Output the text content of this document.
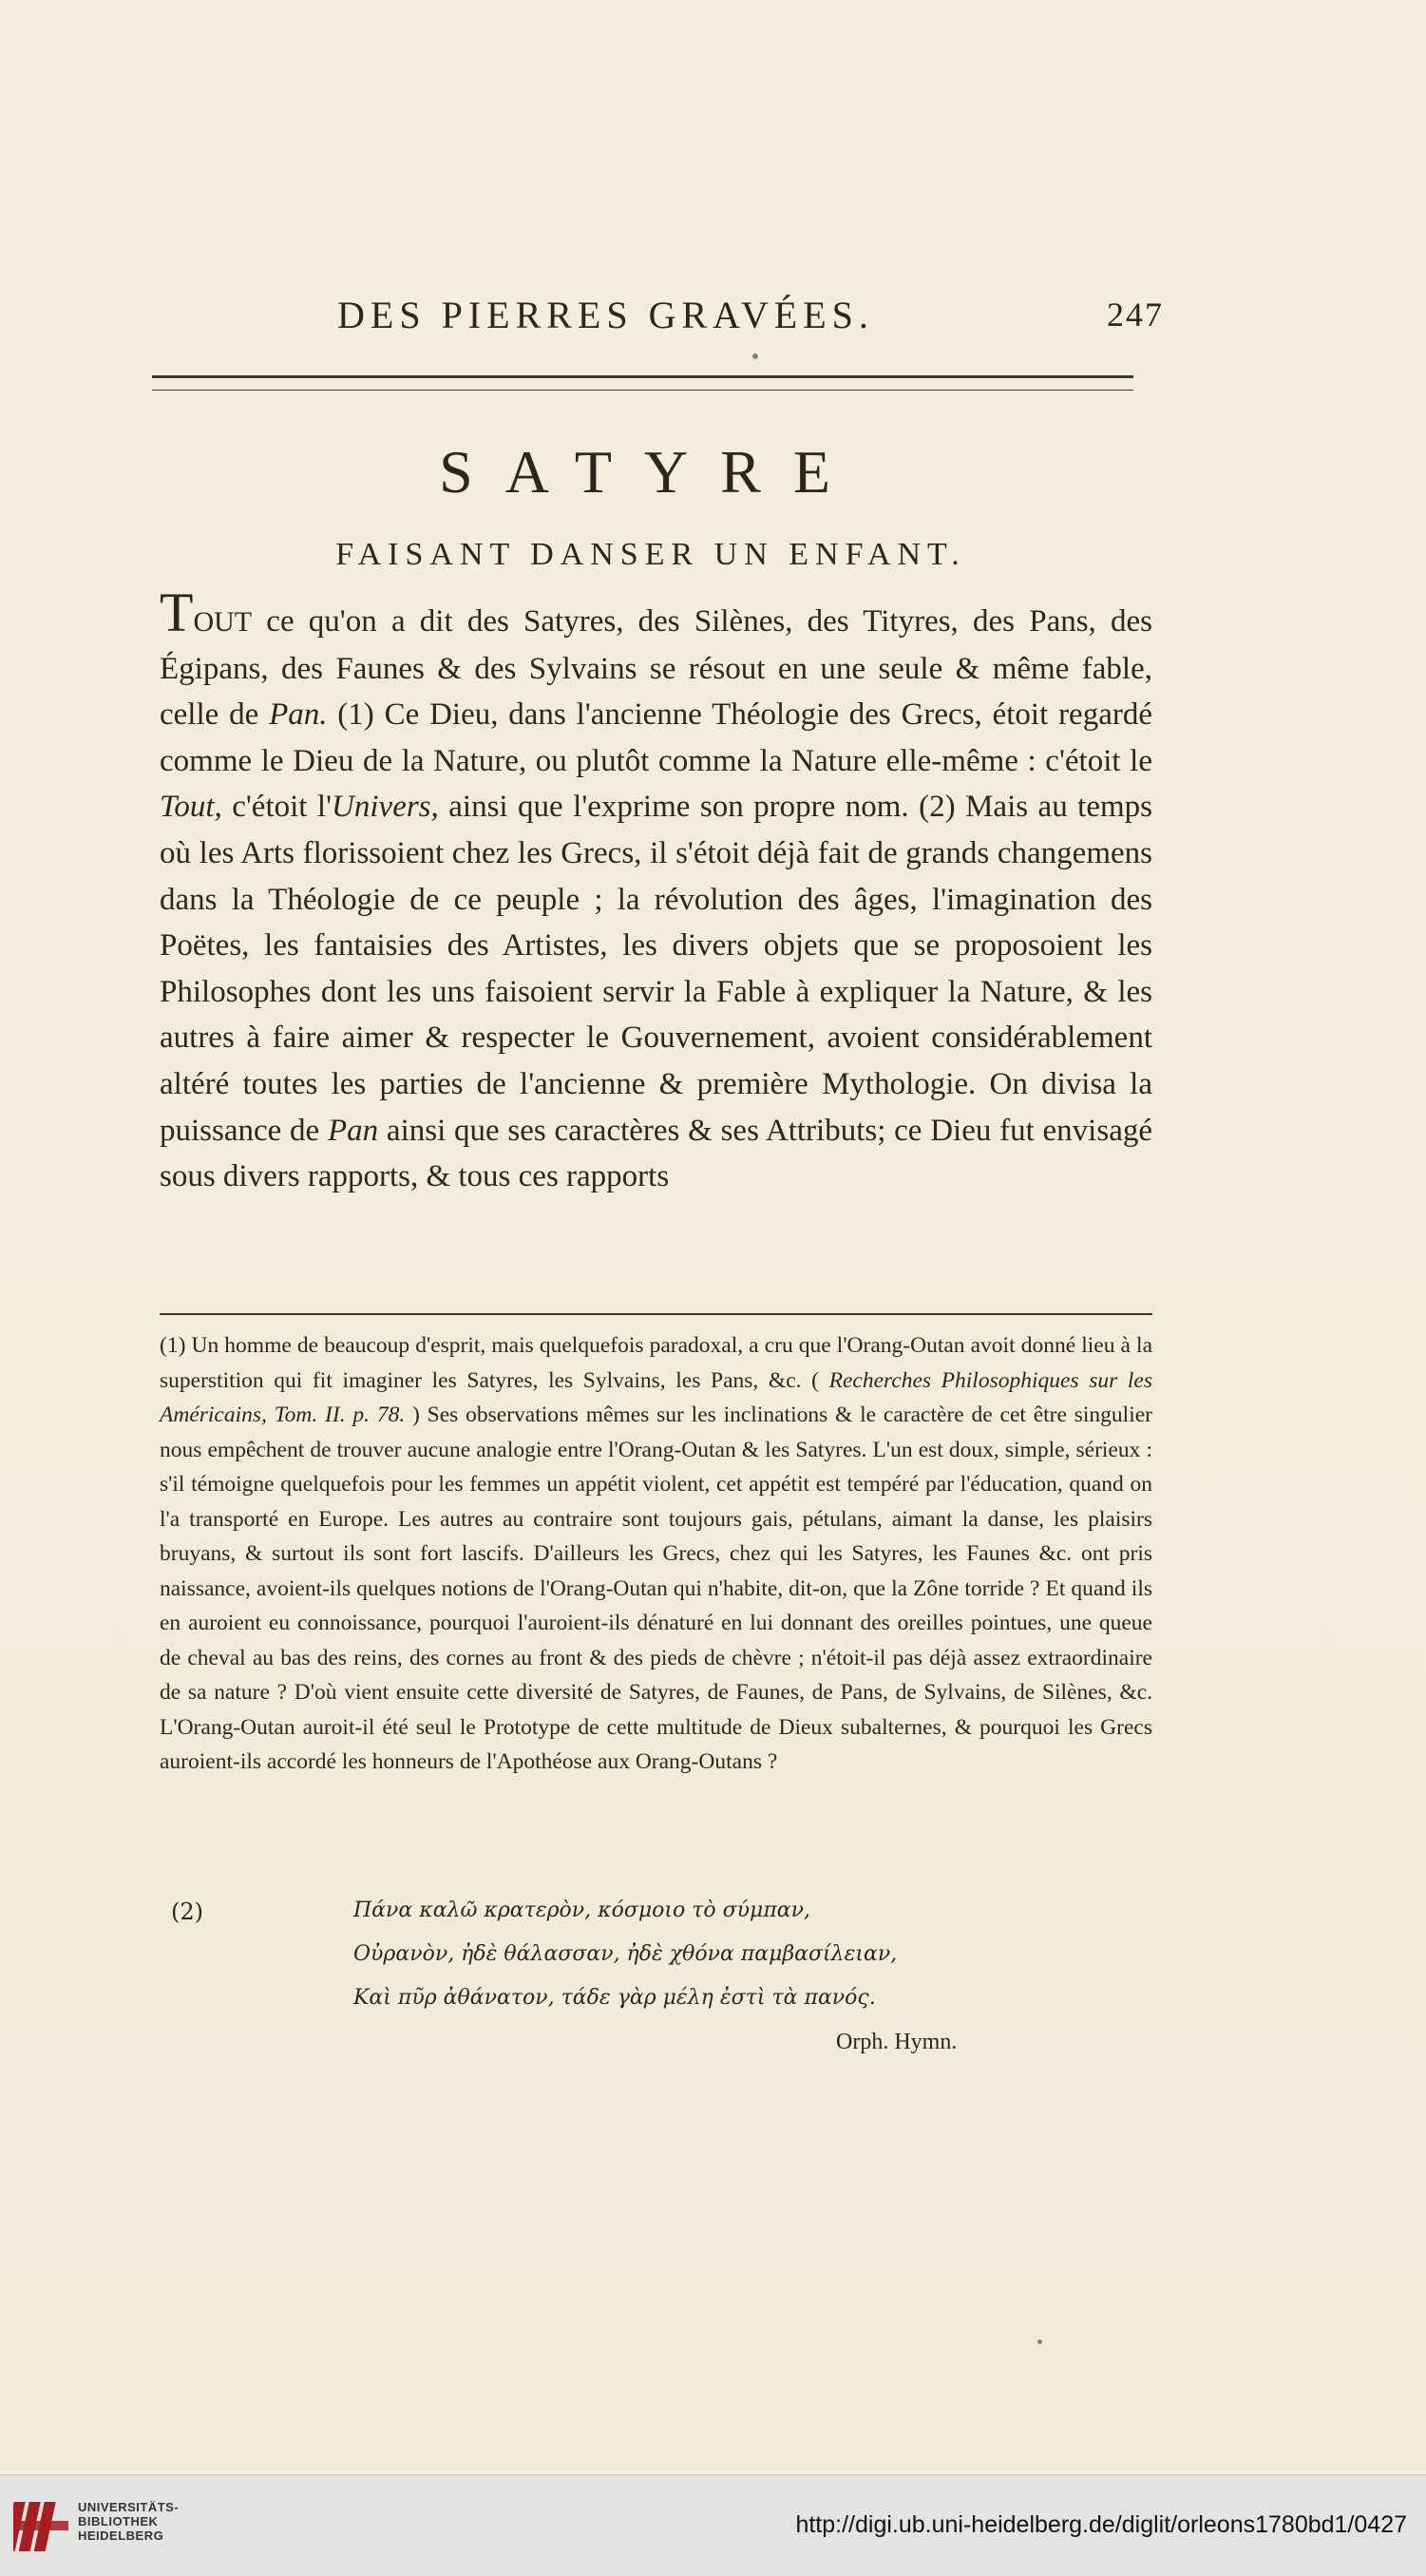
DES PIERRES GRAVÉES.	247
SATYRE
FAISANT DANSER UN ENFANT.

TOUT ce qu'on a dit des Satyres, des Silènes, des Tityres, des Pans, des Égipans, des Faunes & des Sylvains se résout en une seule & même fable, celle de Pan. (1) Ce Dieu, dans l'ancienne Théologie des Grecs, étoit regardé comme le Dieu de la Nature, ou plutôt comme la Nature elle-même : c'étoit le Tout, c'étoit l'Univers, ainsi que l'exprime son propre nom. (2) Mais au temps où les Arts florissoient chez les Grecs, il s'étoit déjà fait de grands changemens dans la Théologie de ce peuple ; la révolution des âges, l'imagination des Poëtes, les fantaisies des Artistes, les divers objets que se proposoient les Philosophes dont les uns faisoient servir la Fable à expliquer la Nature, & les autres à faire aimer & respecter le Gouvernement, avoient considérablement altéré toutes les parties de l'ancienne & première Mythologie. On divisa la puissance de Pan ainsi que ses caractères & ses Attributs; ce Dieu fut envisagé sous divers rapports, & tous ces rapports

(1) Un homme de beaucoup d'esprit, mais quelquefois paradoxal, a cru que l'Orang-Outan avoit donné lieu à la superstition qui fit imaginer les Satyres, les Sylvains, les Pans, &c. ( Recherches Philosophiques sur les Américains, Tom. II. p. 78. ) Ses observations mêmes sur les inclinations & le caractère de cet être singulier nous empêchent de trouver aucune analogie entre l'Orang-Outan & les Satyres. L'un est doux, simple, sérieux : s'il témoigne quelquefois pour les femmes un appétit violent, cet appétit est tempéré par l'éducation, quand on l'a transporté en Europe. Les autres au contraire sont toujours gais, pétulans, aimant la danse, les plaisirs bruyans, & surtout ils sont fort lascifs. D'ailleurs les Grecs, chez qui les Satyres, les Faunes &c. ont pris naissance, avoient-ils quelques notions de l'Orang-Outan qui n'habite, dit-on, que la Zône torride ? Et quand ils en auroient eu connoissance, pourquoi l'auroient-ils dénaturé en lui donnant des oreilles pointues, une queue de cheval au bas des reins, des cornes au front & des pieds de chèvre ; n'étoit-il pas déjà assez extraordinaire de sa nature ? D'où vient ensuite cette diversité de Satyres, de Faunes, de Pans, de Sylvains, de Silènes, &c. L'Orang-Outan auroit-il été seul le Prototype de cette multitude de Dieux subalternes, & pourquoi les Grecs auroient-ils accordé les honneurs de l'Apothéose aux Orang-Outans ?

(2)	Πάνα καλῶ κρατερὸν, κόσμοιο τὸ σύμπαν,
Οὐρανὸν, ἠδὲ θάλασσαν, ἠδὲ χθόνα παμβασίλειαν,
Καὶ πῦρ ἀθάνατον, τάδε γὰρ μέλη ἐστὶ τὰ πανός.
Orph. Hymn.
UNIVERSITÄTS-
BIBLIOTHEK
HEIDELBERG	http://digi.ub.uni-heidelberg.de/diglit/orleons1780bd1/0427
